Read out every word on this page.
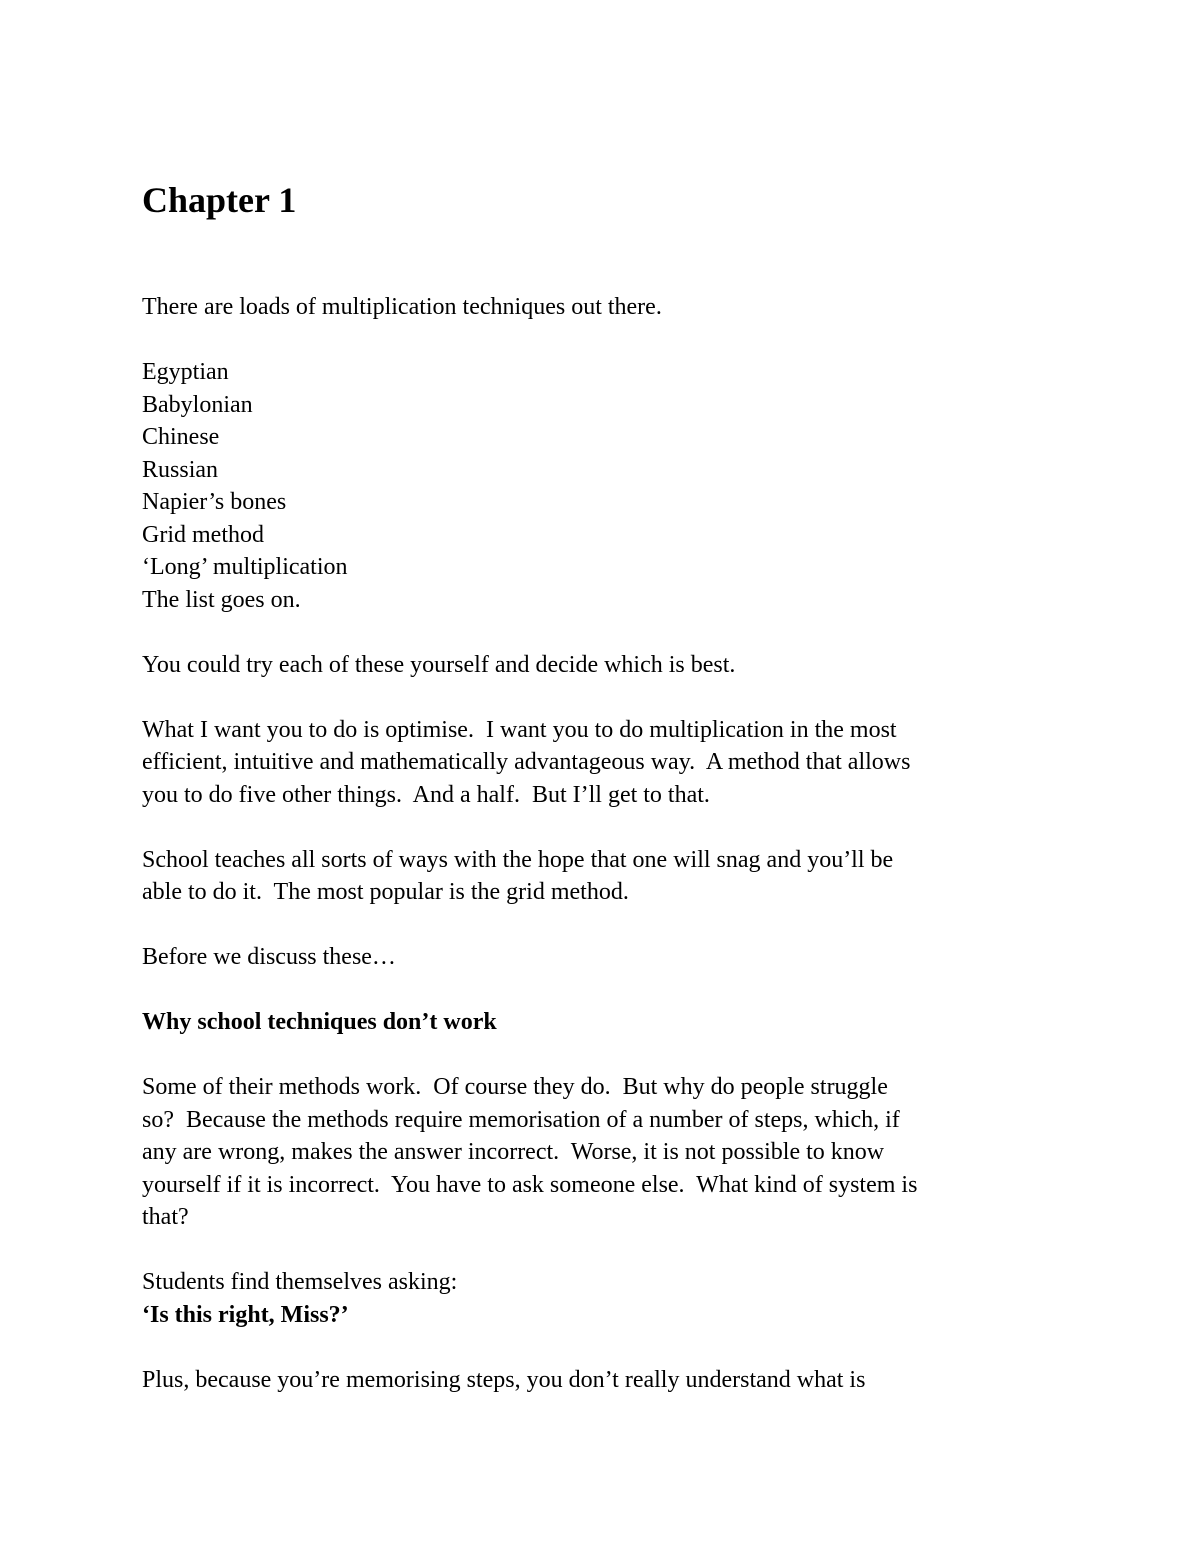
Chapter 1

There are loads of multiplication techniques out there.

Egyptian
Babylonian
Chinese
Russian
Napier’s bones
Grid method
‘Long’ multiplication
The list goes on.

You could try each of these yourself and decide which is best.

What I want you to do is optimise.  I want you to do multiplication in the most
efficient, intuitive and mathematically advantageous way.  A method that allows
you to do five other things.  And a half.  But I’ll get to that.
School teaches all sorts of ways with the hope that one will snag and you’ll be
able to do it.  The most popular is the grid method.

Before we discuss these…

Why school techniques don’t work

Some of their methods work.  Of course they do.  But why do people struggle
so?  Because the methods require memorisation of a number of steps, which, if
any are wrong, makes the answer incorrect.  Worse, it is not possible to know
yourself if it is incorrect.  You have to ask someone else.  What kind of system is
that?

Students find themselves asking:

‘Is this right, Miss?’

Plus, because you’re memorising steps, you don’t really understand what is
